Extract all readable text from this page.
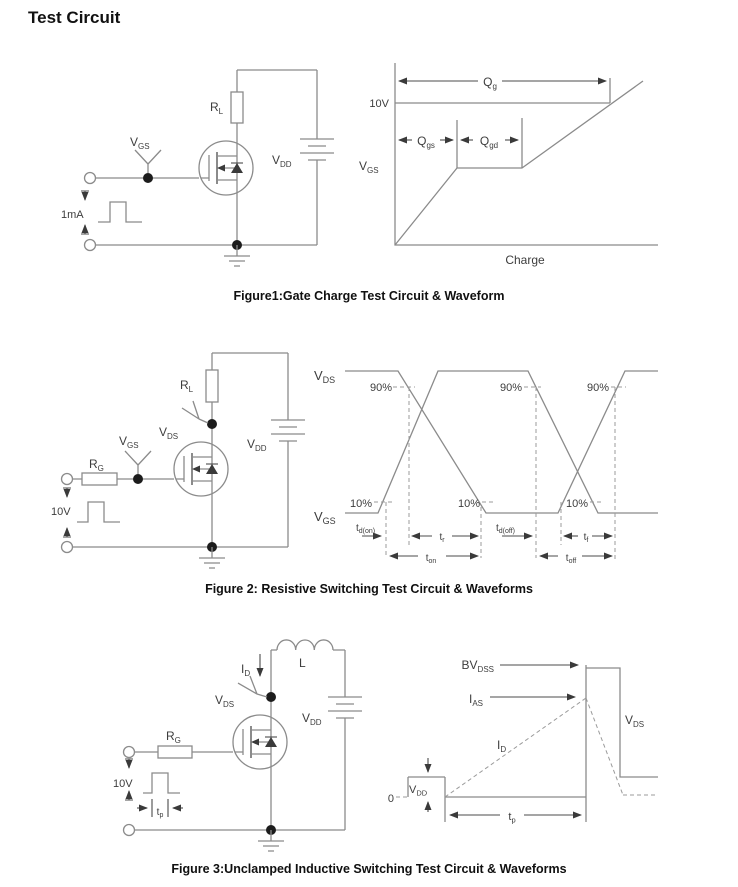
Test Circuit
$R_L$
$V_{GS}$
$V_{DD}$
1mA
$Q_g$
10V
$Q_{gs}$	$Q_{gd}$
$V_{GS}$
Charge
Figure1:Gate Charge Test Circuit & Waveform
$R_L$
$V_{DS}$
$V_{GS}$
$R_G$
$V_{DD}$
10V
90%	90%	90%
10%	10%	10%
$V_{DS}$
$V_{GS}$
$t_{d(on)}$
$t_r$
$t_{on}$
$t_{d(off)}$
$t_f$
$t_{off}$
Figure 2: Resistive Switching Test Circuit & Waveforms
$I_D$
L
$V_{DS}$
$R_G$
$V_{DD}$
10V
$t_p$
$BV_{DSS}$
$I_{AS}$
$I_D$
$V_{DS}$
$V_{DD}$
0
$t_p$
Figure 3:Unclamped Inductive Switching Test Circuit & Waveforms
